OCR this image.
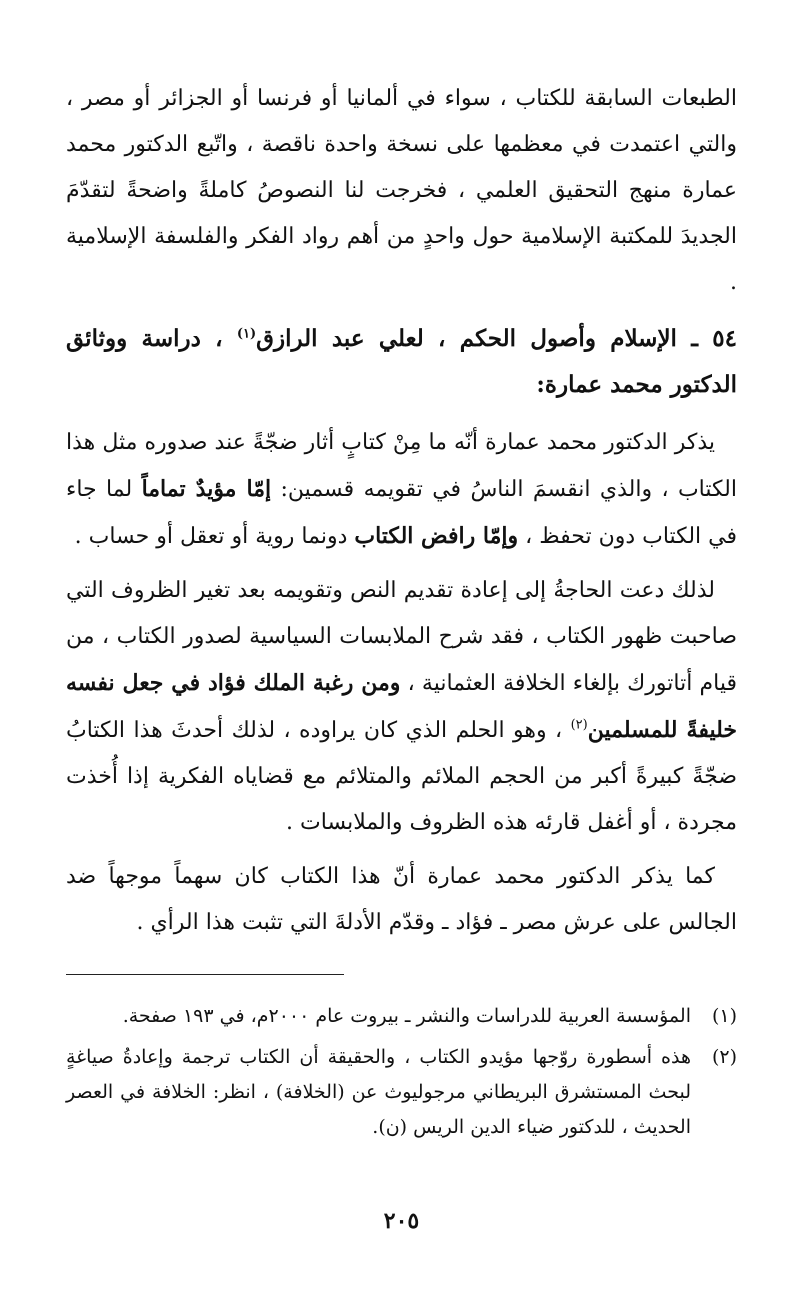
الطبعات السابقة للكتاب ، سواء في ألمانيا أو فرنسا أو الجزائر أو مصر ، والتي اعتمدت في معظمها على نسخة واحدة ناقصة ، واتّبع الدكتور محمد عمارة منهج التحقيق العلمي ، فخرجت لنا النصوصُ كاملةً واضحةً لتقدّمَ الجديدَ للمكتبة الإسلامية حول واحدٍ من أهم رواد الفكر والفلسفة الإسلامية .

٥٤ ـ الإسلام وأصول الحكم ، لعلي عبد الرازق$^{(١)}$ ، دراسة ووثائق الدكتور محمد عمارة:

يذكر الدكتور محمد عمارة أنّه ما مِنْ كتابٍ أثار ضجّةً عند صدوره مثل هذا الكتاب ، والذي انقسمَ الناسُ في تقويمه قسمين: إمّا مؤيدٌ تماماً لما جاء في الكتاب دون تحفظ ، وإمّا رافض الكتاب دونما روية أو تعقل أو حساب .

لذلك دعت الحاجةُ إلى إعادة تقديم النص وتقويمه بعد تغير الظروف التي صاحبت ظهور الكتاب ، فقد شرح الملابسات السياسية لصدور الكتاب ، من قيام أتاتورك بإلغاء الخلافة العثمانية ، ومن رغبة الملك فؤاد في جعل نفسه خليفةً للمسلمين$^{(٢)}$ ، وهو الحلم الذي كان يراوده ، لذلك أحدثَ هذا الكتابُ ضجّةً كبيرةً أكبر من الحجم الملائم والمتلائم مع قضاياه الفكرية إذا أُخذت مجردة ، أو أغفل قارئه هذه الظروف والملابسات .

كما يذكر الدكتور محمد عمارة أنّ هذا الكتاب كان سهماً موجهاً ضد الجالس على عرش مصر ـ فؤاد ـ وقدّم الأدلةَ التي تثبت هذا الرأي .

(١)
المؤسسة العربية للدراسات والنشر ـ بيروت عام ٢٠٠٠م، في ١٩٣ صفحة.
(٢)
هذه أسطورة روّجها مؤيدو الكتاب ، والحقيقة أن الكتاب ترجمة وإعادةُ صياغةٍ لبحث المستشرق البريطاني مرجوليوث عن (الخلافة) ، انظر: الخلافة في العصر الحديث ، للدكتور ضياء الدين الريس (ن).
٢٠٥
